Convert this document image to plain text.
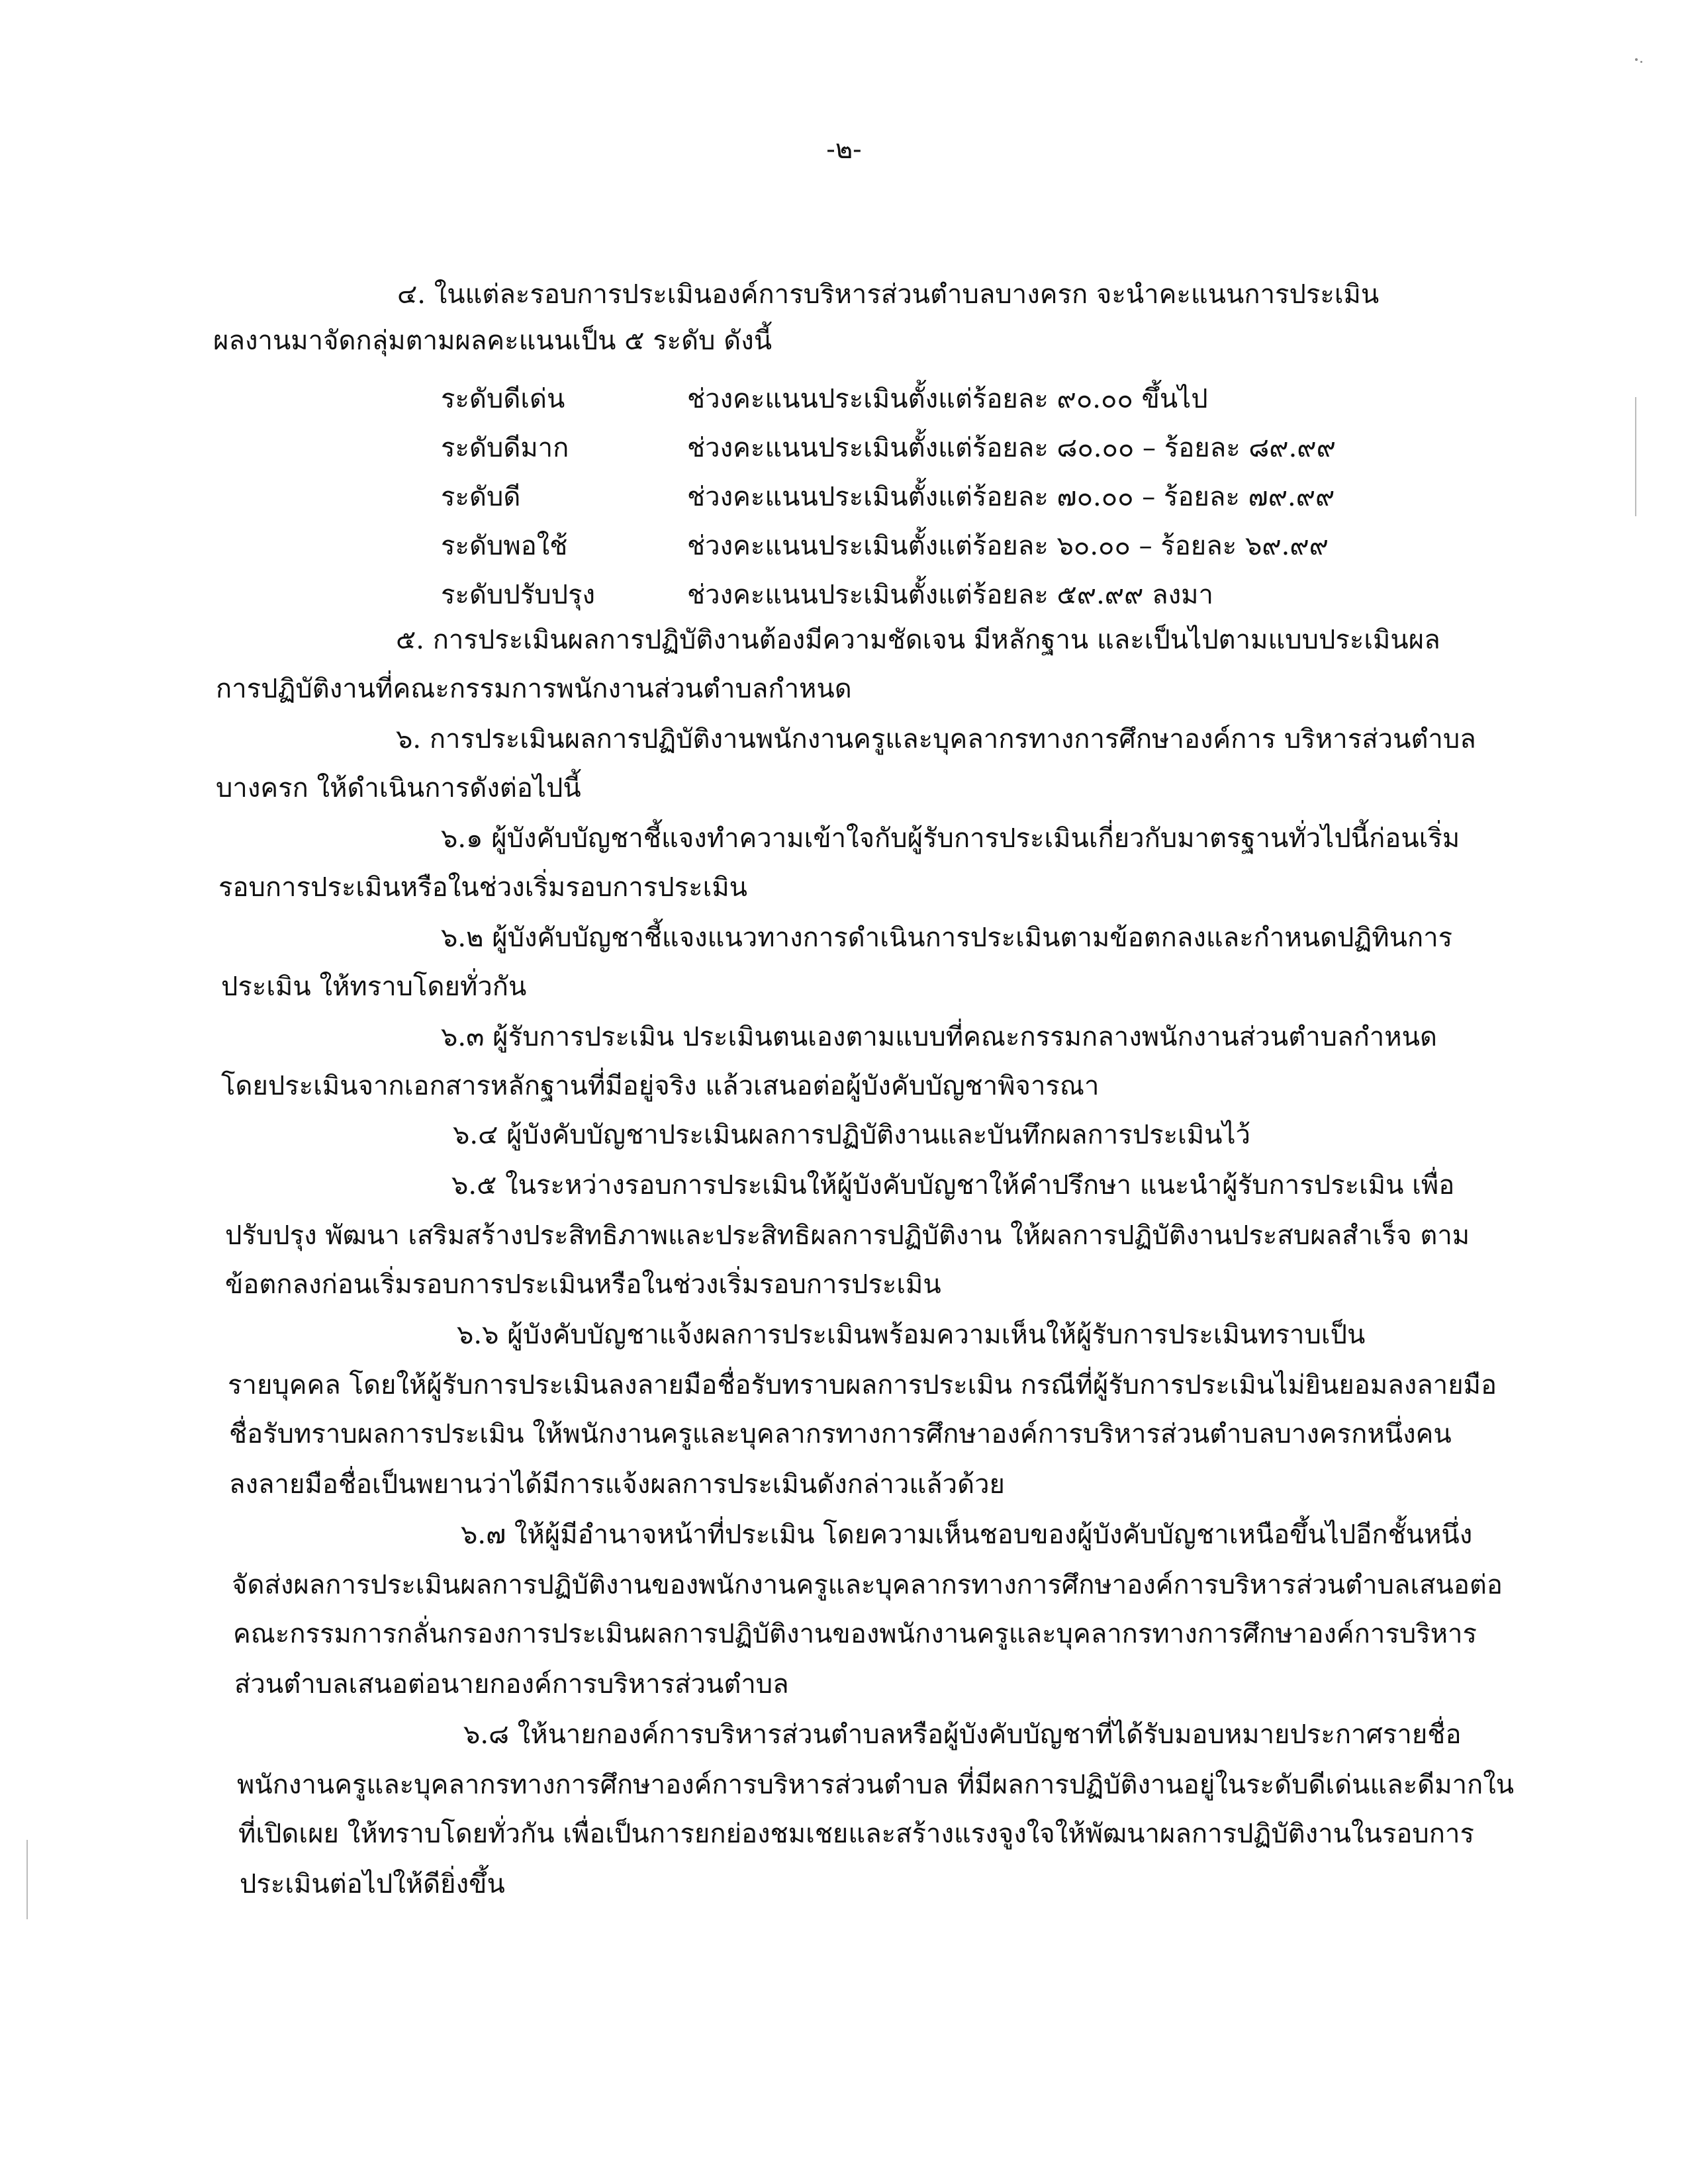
-๒-
๔. ในแต่ละรอบการประเมินองค์การบริหารส่วนตำบลบางครก จะนำคะแนนการประเมิน
ผลงานมาจัดกลุ่มตามผลคะแนนเป็น ๕ ระดับ ดังนี้
ระดับดีเด่น	ช่วงคะแนนประเมินตั้งแต่ร้อยละ ๙๐.๐๐ ขึ้นไป
ระดับดีมาก	ช่วงคะแนนประเมินตั้งแต่ร้อยละ ๘๐.๐๐ – ร้อยละ ๘๙.๙๙
ระดับดี	ช่วงคะแนนประเมินตั้งแต่ร้อยละ ๗๐.๐๐ – ร้อยละ ๗๙.๙๙
ระดับพอใช้	ช่วงคะแนนประเมินตั้งแต่ร้อยละ ๖๐.๐๐ – ร้อยละ ๖๙.๙๙
ระดับปรับปรุง	ช่วงคะแนนประเมินตั้งแต่ร้อยละ ๕๙.๙๙ ลงมา
๕. การประเมินผลการปฏิบัติงานต้องมีความชัดเจน มีหลักฐาน และเป็นไปตามแบบประเมินผล
การปฏิบัติงานที่คณะกรรมการพนักงานส่วนตำบลกำหนด
๖. การประเมินผลการปฏิบัติงานพนักงานครูและบุคลากรทางการศึกษาองค์การ บริหารส่วนตำบล
บางครก ให้ดำเนินการดังต่อไปนี้
๖.๑ ผู้บังคับบัญชาชี้แจงทำความเข้าใจกับผู้รับการประเมินเกี่ยวกับมาตรฐานทั่วไปนี้ก่อนเริ่ม
รอบการประเมินหรือในช่วงเริ่มรอบการประเมิน
๖.๒ ผู้บังคับบัญชาชี้แจงแนวทางการดำเนินการประเมินตามข้อตกลงและกำหนดปฏิทินการ
ประเมิน ให้ทราบโดยทั่วกัน
๖.๓ ผู้รับการประเมิน ประเมินตนเองตามแบบที่คณะกรรมกลางพนักงานส่วนตำบลกำหนด
โดยประเมินจากเอกสารหลักฐานที่มีอยู่จริง แล้วเสนอต่อผู้บังคับบัญชาพิจารณา
๖.๔ ผู้บังคับบัญชาประเมินผลการปฏิบัติงานและบันทึกผลการประเมินไว้
๖.๕ ในระหว่างรอบการประเมินให้ผู้บังคับบัญชาให้คำปรึกษา แนะนำผู้รับการประเมิน เพื่อ
ปรับปรุง พัฒนา เสริมสร้างประสิทธิภาพและประสิทธิผลการปฏิบัติงาน ให้ผลการปฏิบัติงานประสบผลสำเร็จ ตาม
ข้อตกลงก่อนเริ่มรอบการประเมินหรือในช่วงเริ่มรอบการประเมิน
๖.๖ ผู้บังคับบัญชาแจ้งผลการประเมินพร้อมความเห็นให้ผู้รับการประเมินทราบเป็น
รายบุคคล โดยให้ผู้รับการประเมินลงลายมือชื่อรับทราบผลการประเมิน กรณีที่ผู้รับการประเมินไม่ยินยอมลงลายมือ
ชื่อรับทราบผลการประเมิน ให้พนักงานครูและบุคลากรทางการศึกษาองค์การบริหารส่วนตำบลบางครกหนึ่งคน
ลงลายมือชื่อเป็นพยานว่าได้มีการแจ้งผลการประเมินดังกล่าวแล้วด้วย
๖.๗ ให้ผู้มีอำนาจหน้าที่ประเมิน โดยความเห็นชอบของผู้บังคับบัญชาเหนือขึ้นไปอีกชั้นหนึ่ง
จัดส่งผลการประเมินผลการปฏิบัติงานของพนักงานครูและบุคลากรทางการศึกษาองค์การบริหารส่วนตำบลเสนอต่อ
คณะกรรมการกลั่นกรองการประเมินผลการปฏิบัติงานของพนักงานครูและบุคลากรทางการศึกษาองค์การบริหาร
ส่วนตำบลเสนอต่อนายกองค์การบริหารส่วนตำบล
๖.๘ ให้นายกองค์การบริหารส่วนตำบลหรือผู้บังคับบัญชาที่ได้รับมอบหมายประกาศรายชื่อ
พนักงานครูและบุคลากรทางการศึกษาองค์การบริหารส่วนตำบล ที่มีผลการปฏิบัติงานอยู่ในระดับดีเด่นและดีมากใน
ที่เปิดเผย ให้ทราบโดยทั่วกัน เพื่อเป็นการยกย่องชมเชยและสร้างแรงจูงใจให้พัฒนาผลการปฏิบัติงานในรอบการ
ประเมินต่อไปให้ดียิ่งขึ้น
